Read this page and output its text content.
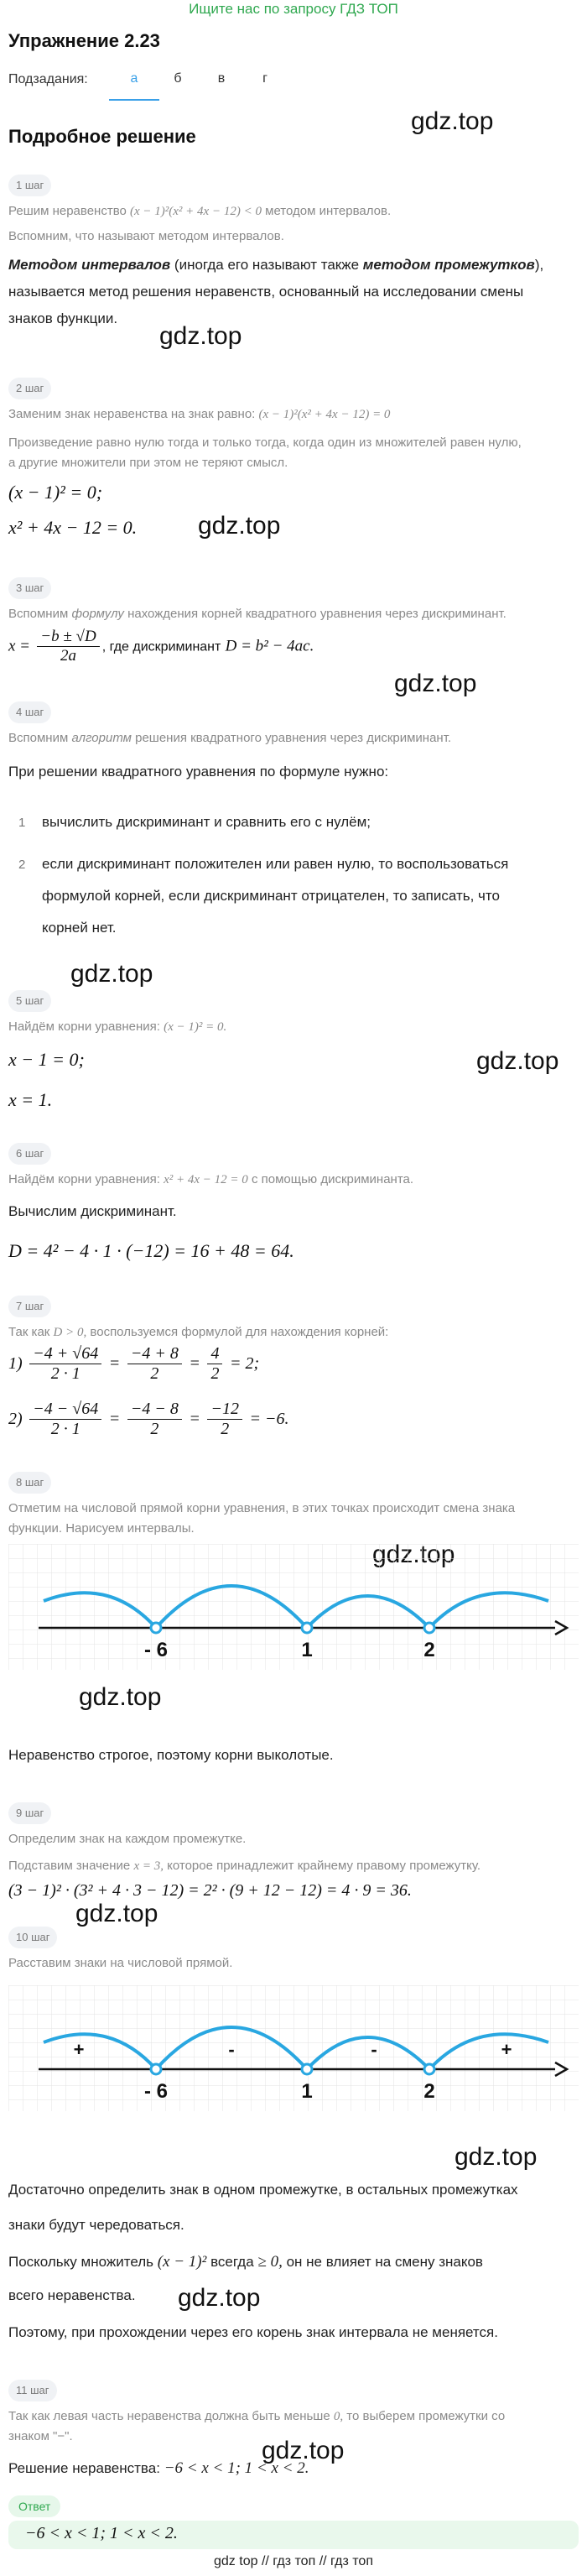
Ищите нас по запросу ГДЗ ТОП
Упражнение 2.23
Подзадания:	а	б	в	г
Подробное решение
gdz.top
gdz.top
gdz.top
gdz.top
gdz.top
gdz.top
gdz.top
gdz.top
gdz.top
gdz.top
gdz.top
1 шаг
Решим неравенство (x − 1)²(x² + 4x − 12) < 0 методом интервалов.
Вспомним, что называют методом интервалов.
Методом интервалов (иногда его называют также методом промежутков),
называется метод решения неравенств, основанный на исследовании смены
знаков функции.
2 шаг
Заменим знак неравенства на знак равно: (x − 1)²(x² + 4x − 12) = 0
Произведение равно нулю тогда и только тогда, когда один из множителей равен нулю,
а другие множители при этом не теряют смысл.
(x − 1)² = 0;
x² + 4x − 12 = 0.
3 шаг
Вспомним формулу нахождения корней квадратного уравнения через дискриминант.
$x = \frac{-b \pm √D}{2a}$ , где дискриминант D = b² − 4ac.
4 шаг
Вспомним алгоритм решения квадратного уравнения через дискриминант.
При решении квадратного уравнения по формуле нужно:
1 вычислить дискриминант и сравнить его с нулём;
2 если дискриминант положителен или равен нулю, то воспользоваться
формулой корней, если дискриминант отрицателен, то записать, что
корней нет.
5 шаг
Найдём корни уравнения: (x − 1)² = 0.
x − 1 = 0;
x = 1.
6 шаг
Найдём корни уравнения: x² + 4x − 12 = 0 с помощью дискриминанта.
Вычислим дискриминант.
D = 4² − 4 · 1 · (−12) = 16 + 48 = 64.
7 шаг
Так как D > 0, воспользуемся формулой для нахождения корней:
$1) \frac{-4 + √64}{2 \cdot 1} = \frac{-4 + 8}{2} = \frac{4}{2} = 2$;
$2) \frac{-4 - √64}{2 \cdot 1} = \frac{-4 - 8}{2} = \frac{-12}{2} = -6$.
8 шаг
Отметим на числовой прямой корни уравнения, в этих точках происходит смена знака
функции. Нарисуем интервалы.
- 6	1	2
Неравенство строгое, поэтому корни выколотые.
9 шаг
Определим знак на каждом промежутке.
Подставим значение x = 3, которое принадлежит крайнему правому промежутку.
(3 − 1)² · (3² + 4 · 3 − 12) = 2² · (9 + 12 − 12) = 4 · 9 = 36.
10 шаг
Расставим знаки на числовой прямой.
+	-	-	+
- 6	1	2
Достаточно определить знак в одном промежутке, в остальных промежутках
знаки будут чередоваться.
Поскольку множитель (x − 1)² всегда ≥ 0, он не влияет на смену знаков
всего неравенства.
Поэтому, при прохождении через его корень знак интервала не меняется.
11 шаг
Так как левая часть неравенства должна быть меньше 0, то выберем промежутки со
знаком "−".
Решение неравенства: −6 < x < 1; 1 < x < 2.
Ответ
−6 < x < 1; 1 < x < 2.
gdz top // гдз топ // гдз топ
